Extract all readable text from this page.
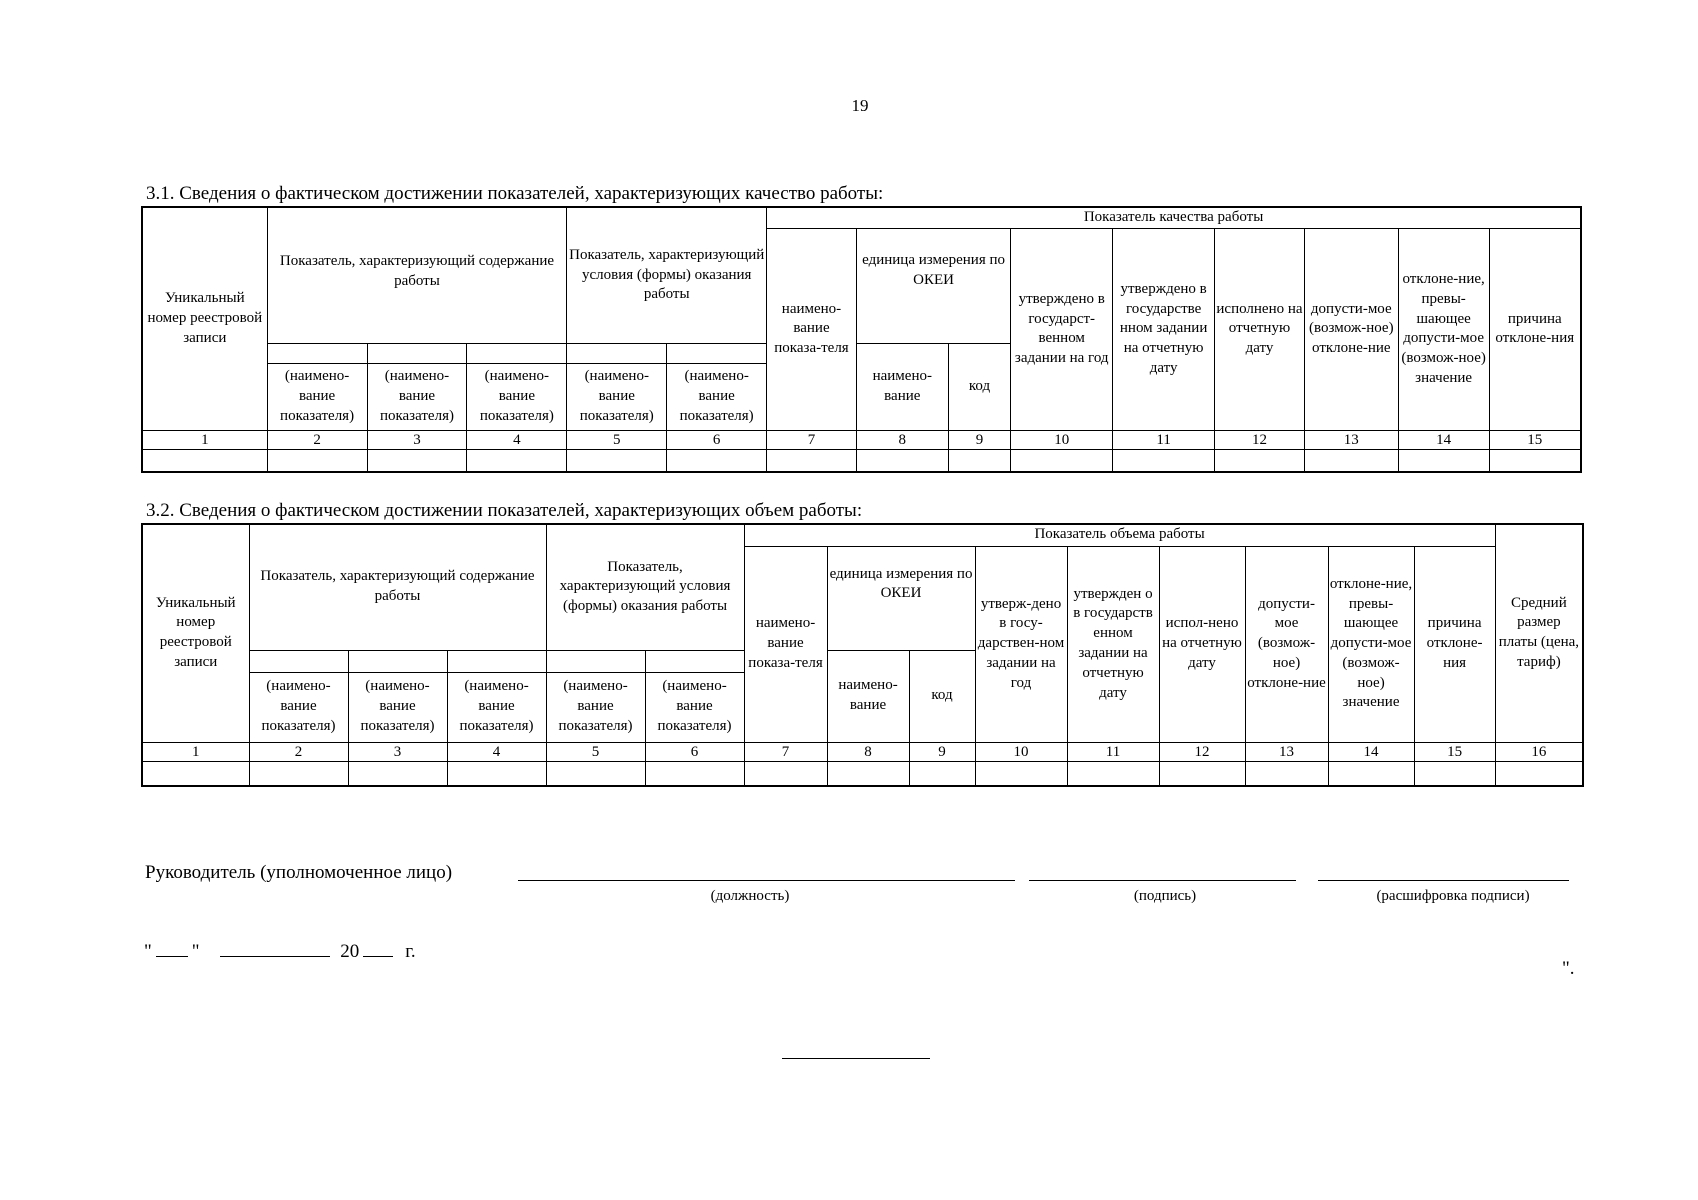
19
3.1. Сведения о фактическом достижении показателей, характеризующих качество работы:
Уникальный номер реестровой записи	Показатель, характеризующий содержание работы			Показатель, характеризующий условия (формы) оказания работы		Показатель качества работы								
						наимено-вание показа-теля	единица измерения по ОКЕИ		утверждено в государст-венном задании на год	утверждено в государстве нном задании на отчетную дату	исполнено на отчетную дату	допусти-мое (возмож-ное) отклоне-ние	отклоне-ние, превы-шающее допусти-мое (возмож-ное) значение	причина отклоне-ния
							наимено-вание	код						
	(наимено-вание показателя)	(наимено-вание показателя)	(наимено-вание показателя)	(наимено-вание показателя)	(наимено-вание показателя)									
1	2	3	4	5	6	7	8	9	10	11	12	13	14	15

3.2. Сведения о фактическом достижении показателей, характеризующих объем работы:
Уникальный номер реестровой записи	Показатель, характеризующий содержание работы			Показатель, характеризующий условия (формы) оказания работы		Показатель объема работы									Средний размер платы (цена, тариф)
						наимено-вание показа-теля	единица измерения по ОКЕИ		утверж-дено в госу-дарствен-ном задании на год	утвержден о в государств енном задании на отчетную дату	испол-нено на отчетную дату	допусти-мое (возмож-ное) отклоне-ние	отклоне-ние, превы-шающее допусти-мое (возмож-ное) значение	причина отклоне-ния	
							наимено-вание	код							
	(наимено-вание показателя)	(наимено-вание показателя)	(наимено-вание показателя)	(наимено-вание показателя)	(наимено-вание показателя)										
1	2	3	4	5	6	7	8	9	10	11	12	13	14	15	16

Руководитель (уполномоченное лицо)
(должность)	(подпись)	(расшифровка подписи)
" "	20 г.
".
